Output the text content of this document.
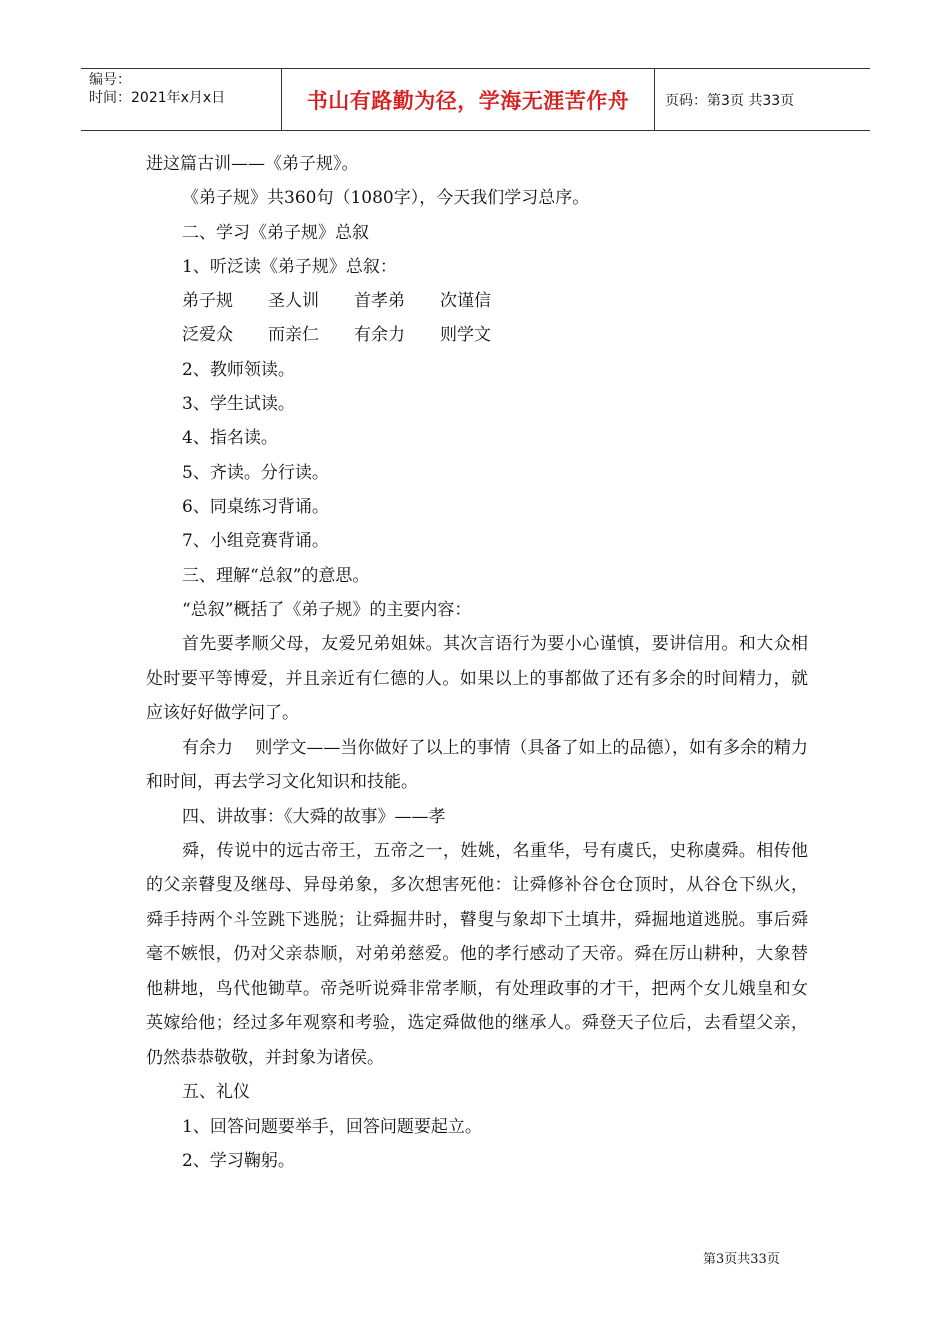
编号：
时间：2021年x月x日	书山有路勤为径，学海无涯苦作舟	页码：第3页 共33页
进这篇古训——《弟子规》。
《弟子规》共360句（1080字），今天我们学习总序。
二、学习《弟子规》总叙
1、听泛读《弟子规》总叙：
弟子规 圣人训 首孝弟 次谨信
泛爱众 而亲仁 有余力 则学文
2、教师领读。
3、学生试读。
4、指名读。
5、齐读。分行读。
6、同桌练习背诵。
7、小组竞赛背诵。
三、理解“总叙”的意思。
“总叙”概括了《弟子规》的主要内容：

首先要孝顺父母，友爱兄弟姐妹。其次言语行为要小心谨慎，要讲信用。和大众相处时要平等博爱，并且亲近有仁德的人。如果以上的事都做了还有多余的时间精力，就应该好好做学问了。

有余力　 则学文——当你做好了以上的事情（具备了如上的品德），如有多余的精力和时间，再去学习文化知识和技能。

四、讲故事：《大舜的故事》——孝

舜，传说中的远古帝王，五帝之一，姓姚，名重华，号有虞氏，史称虞舜。相传他的父亲瞽叟及继母、异母弟象，多次想害死他：让舜修补谷仓仓顶时，从谷仓下纵火，舜手持两个斗笠跳下逃脱；让舜掘井时，瞽叟与象却下土填井，舜掘地道逃脱。事后舜毫不嫉恨，仍对父亲恭顺，对弟弟慈爱。他的孝行感动了天帝。舜在厉山耕种，大象替他耕地，鸟代他锄草。帝尧听说舜非常孝顺，有处理政事的才干，把两个女儿娥皇和女英嫁给他；经过多年观察和考验，选定舜做他的继承人。舜登天子位后，去看望父亲，仍然恭恭敬敬，并封象为诸侯。

五、礼仪
1、回答问题要举手，回答问题要起立。
2、学习鞠躬。
第3页共33页
